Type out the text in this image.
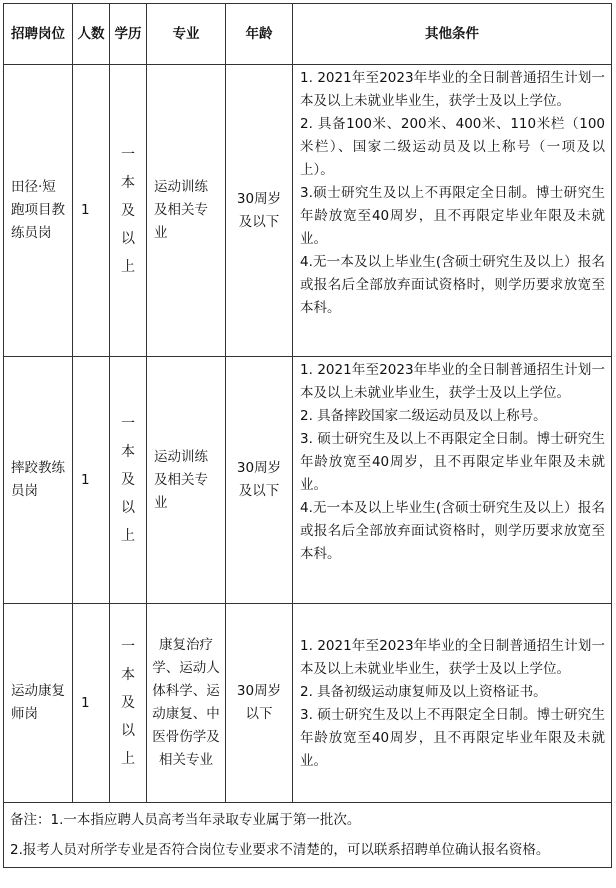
招聘岗位	人数	学历	专业	年龄	其他条件
田径·短跑项目教练员岗	1	一本及以上	运动训练及相关专业	30周岁及以下	1. 2021年至2023年毕业的全日制普通招生计划一本及以上未就业毕业生，获学士及以上学位。
2. 具备100米、200米、400米、110米栏（100米栏）、国家二级运动员及以上称号（一项及以上）。
3.硕士研究生及以上不再限定全日制。博士研究生年龄放宽至40周岁，且不再限定毕业年限及未就业。
4.无一本及以上毕业生(含硕士研究生及以上）报名或报名后全部放弃面试资格时，则学历要求放宽至本科。

摔跤教练员岗	1	一本及以上	运动训练及相关专业	30周岁及以下	1. 2021年至2023年毕业的全日制普通招生计划一本及以上未就业毕业生，获学士及以上学位。
2. 具备摔跤国家二级运动员及以上称号。
3. 硕士研究生及以上不再限定全日制。博士研究生年龄放宽至40周岁，且不再限定毕业年限及未就业。
4.无一本及以上毕业生(含硕士研究生及以上）报名或报名后全部放弃面试资格时，则学历要求放宽至本科。

运动康复师岗	1	一本及以上	康复治疗学、运动人体科学、运动康复、中医骨伤学及相关专业	30周岁以下	1. 2021年至2023年毕业的全日制普通招生计划一本及以上未就业毕业生，获学士及以上学位。
2. 具备初级运动康复师及以上资格证书。
3. 硕士研究生及以上不再限定全日制。博士研究生年龄放宽至40周岁，且不再限定毕业年限及未就业。

备注：1.一本指应聘人员高考当年录取专业属于第一批次。
2.报考人员对所学专业是否符合岗位专业要求不清楚的，可以联系招聘单位确认报名资格。					
